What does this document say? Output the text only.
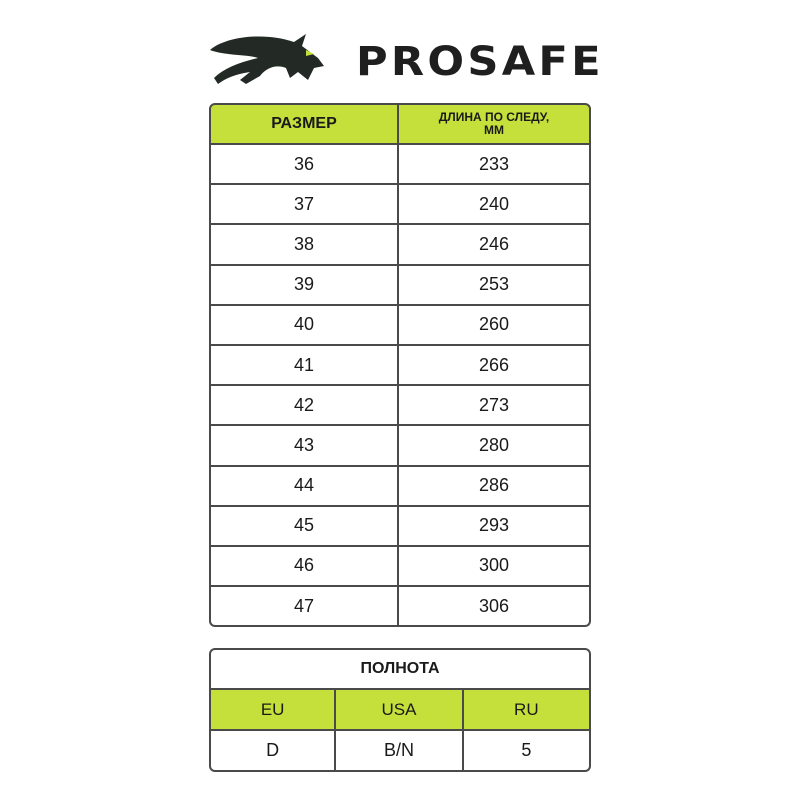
PROSAFE
РАЗМЕР	ДЛИНА ПО СЛЕДУ,
ММ
36	233
37	240
38	246
39	253
40	260
41	266
42	273
43	280
44	286
45	293
46	300
47	306
ПОЛНОТА		
EU	USA	RU
D	B/N	5
